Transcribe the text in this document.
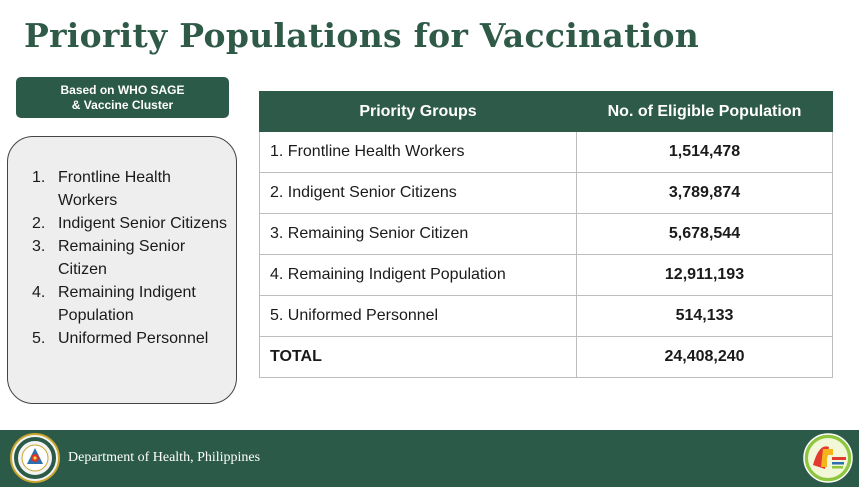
Priority Populations for Vaccination
Based on WHO SAGE
& Vaccine Cluster
1. Frontline Health Workers
2. Indigent Senior Citizens
3. Remaining Senior Citizen
4. Remaining Indigent Population
5. Uniformed Personnel
Priority Groups	No. of Eligible Population
1. Frontline Health Workers	1,514,478
2. Indigent Senior Citizens	3,789,874
3. Remaining Senior Citizen	5,678,544
4. Remaining Indigent Population	12,911,193
5. Uniformed Personnel	514,133
TOTAL	24,408,240
Department of Health, Philippines
